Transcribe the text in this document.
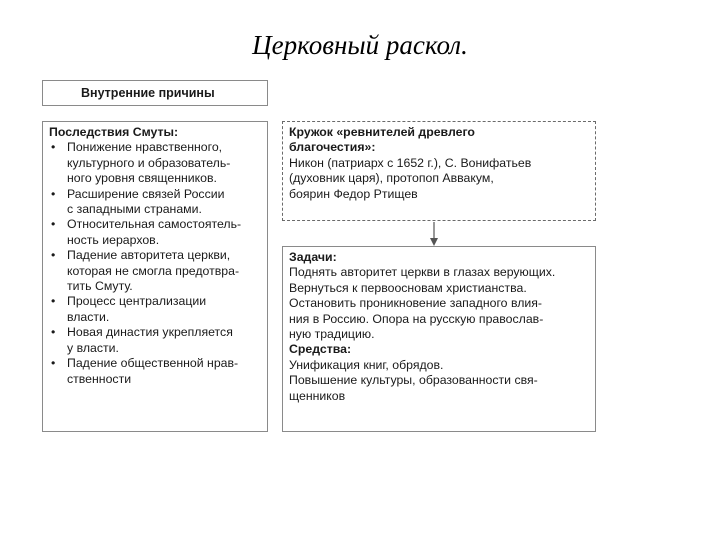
Церковный раскол.
Внутренние причины
Последствия Смуты:
• Понижение нравственного,
культурного и образователь-
ного уровня священников.
• Расширение связей России
с западными странами.
• Относительная самостоятель-
ность иерархов.
• Падение авторитета церкви,
которая не смогла предотвра-
тить Смуту.
• Процесс централизации
власти.
• Новая династия укрепляется
у власти.
• Падение общественной нрав-
ственности
Кружок «ревнителей древлего
благочестия»:
Никон (патриарх с 1652 г.), С. Вонифатьев
(духовник царя), протопоп Аввакум,
боярин Федор Ртищев
Задачи:
Поднять авторитет церкви в глазах верующих.
Вернуться к первоосновам христианства.
Остановить проникновение западного влия-
ния в Россию. Опора на русскую православ-
ную традицию.
Средства:
Унификация книг, обрядов.
Повышение культуры, образованности свя-
щенников
